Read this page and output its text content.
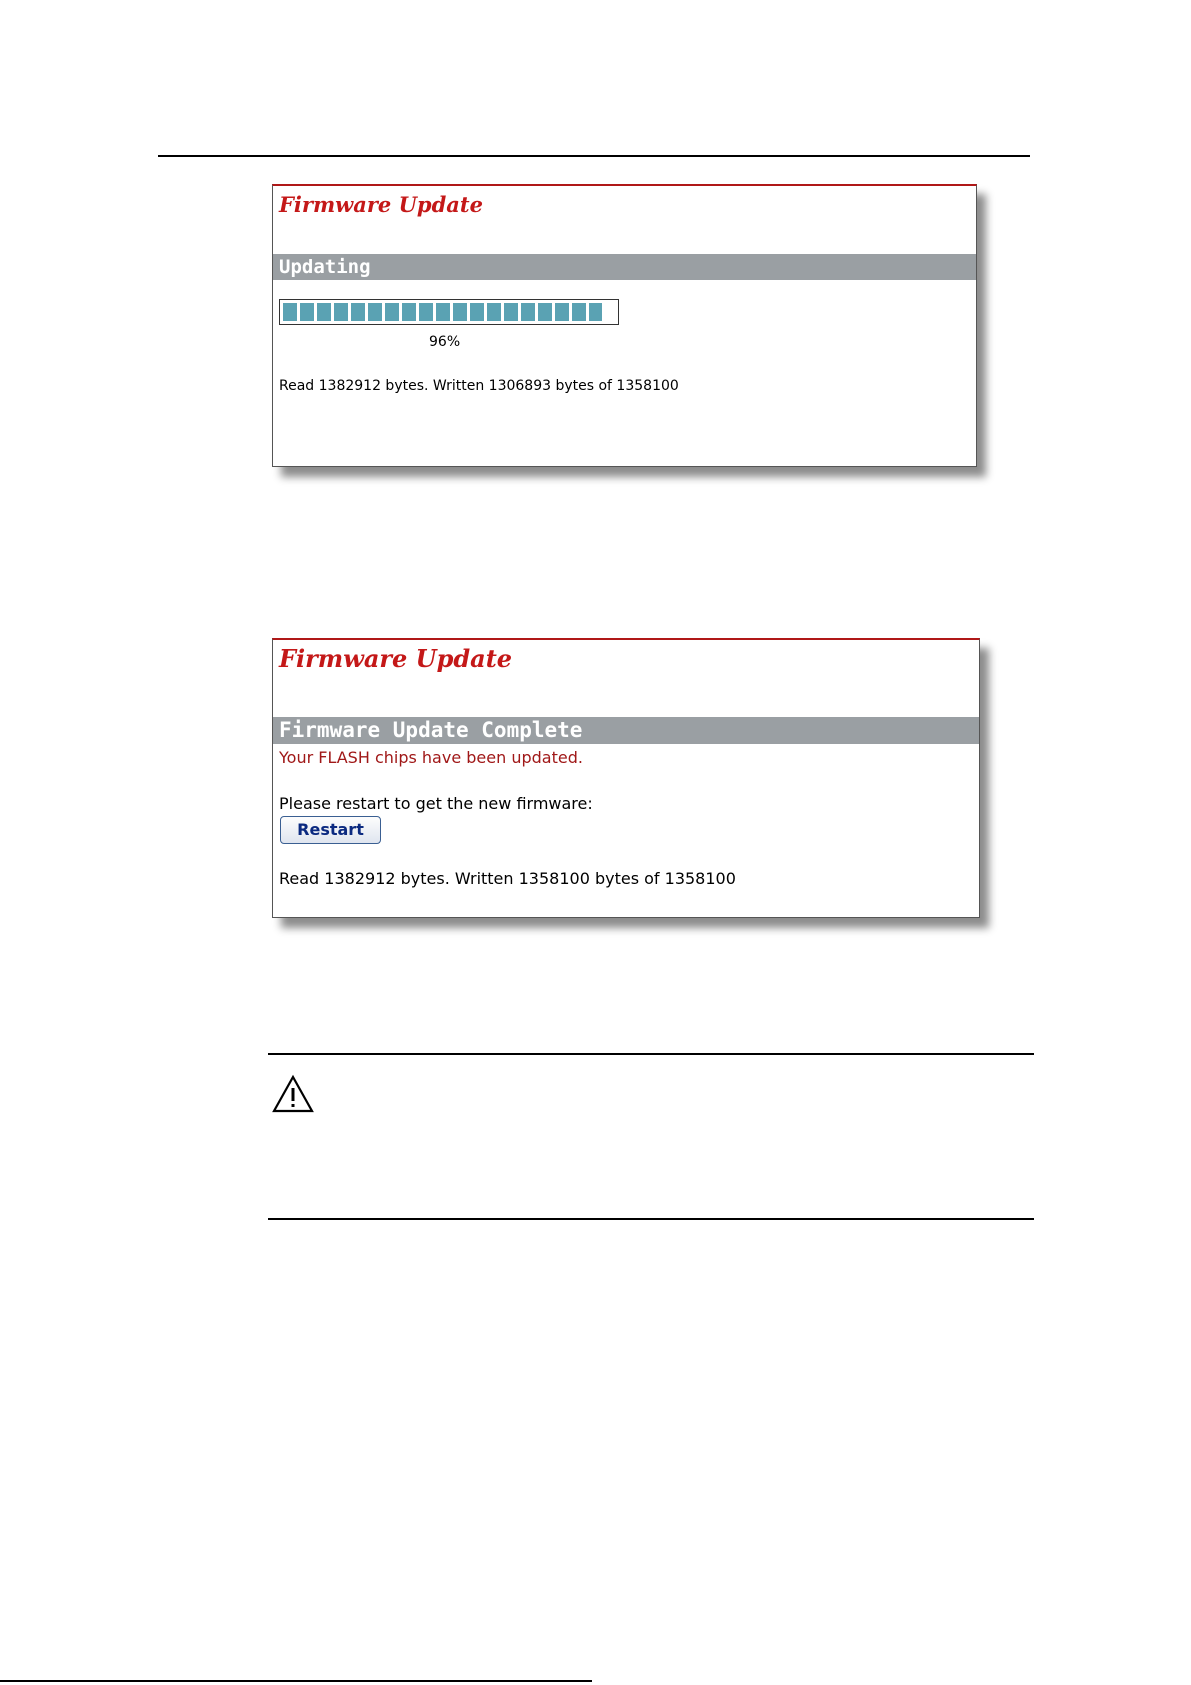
Firmware Update
Updating
96%
Read 1382912 bytes. Written 1306893 bytes of 1358100
Firmware Update
Firmware Update Complete
Your FLASH chips have been updated.
Please restart to get the new firmware:
Restart
Read 1382912 bytes. Written 1358100 bytes of 1358100
